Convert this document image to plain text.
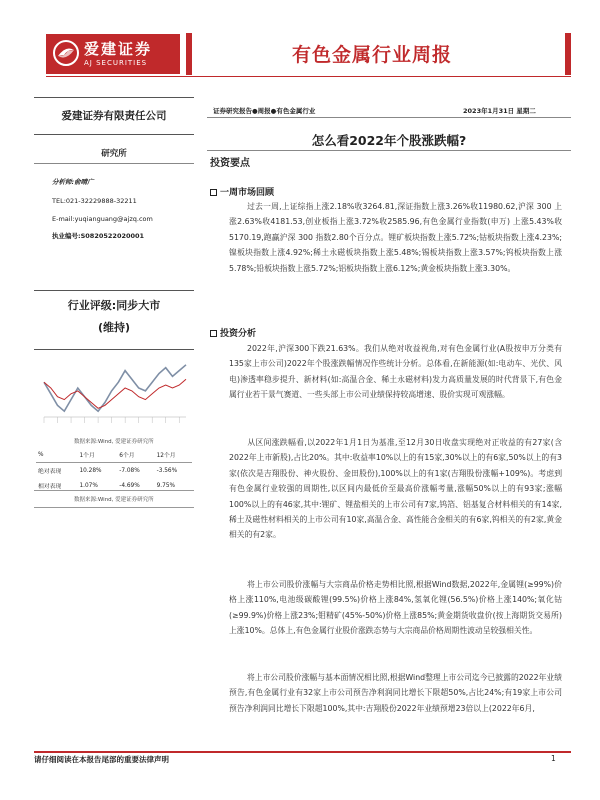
爱建证券
AJ SECURITIES	有色金属行业周报
爱建证券有限责任公司
研究所
分析师:俞晴广
TEL:021-32229888-32211
E-mail:yuqianguang@ajzq.com
执业编号:S0820522020001
行业评级:同步大市
(维持)
数据来源:Wind, 爱建证券研究所
%	1个月	6个月	12个月
绝对表现	10.28%	-7.08%	-3.56%
相对表现	1.07%	-4.69%	9.75%
数据来源:Wind, 爱建证券研究所
证券研究报告●周报●有色金属行业	2023年1月31日 星期二
怎么看2022年个股涨跌幅?
投资要点
一周市场回顾
过去一周,上证综指上涨2.18%收3264.81,深证指数上涨3.26%收11980.62,沪深 300 上涨2.63%收4181.53,创业板指上涨3.72%收2585.96,有色金属行业指数(申万) 上涨5.43%收5170.19,跑赢沪深 300 指数2.80个百分点。锂矿板块指数上涨5.72%;钴板块指数上涨4.23%;镍板块指数上涨4.92%;稀土永磁板块指数上涨5.48%;锡板块指数上涨3.57%;钨板块指数上涨5.78%;铅板块指数上涨5.72%;铝板块指数上涨6.12%;黄金板块指数上涨3.30%。
投资分析
2022年,沪深300下跌21.63%。我们从绝对收益视角,对有色金属行业(A股按申万分类有135家上市公司)2022年个股涨跌幅情况作些统计分析。总体看,在新能源(如:电动车、光伏、风电)渗透率稳步提升、新材料(如:高温合金、稀土永磁材料)发力高质量发展的时代背景下,有色金属行业若干景气赛道、一些头部上市公司业绩保持较高增速、股价实现可观涨幅。
从区间涨跌幅看,以2022年1月1日为基准,至12月30日收盘实现绝对正收益的有27家(含2022年上市新股),占比20%。其中:收益率10%以上的有15家,30%以上的有6家,50%以上的有3家(依次是吉翔股份、神火股份、金田股份),100%以上的有1家(吉翔股份涨幅+109%)。考虑到有色金属行业较强的周期性,以区间内最低价至最高价涨幅考量,涨幅50%以上的有93家;涨幅100%以上的有46家,其中:锂矿、锂盐相关的上市公司有7家,钨箔、铝基复合材料相关的有14家,稀土及磁性材料相关的上市公司有10家,高温合金、高性能合金相关的有6家,钨相关的有2家,黄金相关的有2家。
将上市公司股价涨幅与大宗商品价格走势相比照,根据Wind数据,2022年,金属锂(≥99%)价格上涨110%,电池级碳酸锂(99.5%)价格上涨84%,氢氧化锂(56.5%)价格上涨140%;氧化钴(≥99.9%)价格上涨23%;钼精矿(45%-50%)价格上涨85%;黄金期货收盘价(按上海期货交易所)上涨10%。总体上,有色金属行业股价涨跌态势与大宗商品价格周期性波动呈较强相关性。
将上市公司股价涨幅与基本面情况相比照,根据Wind整理上市公司迄今已披露的2022年业绩预告,有色金属行业有32家上市公司预告净利润同比增长下限超50%,占比24%;有19家上市公司预告净利润同比增长下限超100%,其中:吉翔股份2022年业绩预增23倍以上(2022年6月,
请仔细阅读在本报告尾部的重要法律声明	1
